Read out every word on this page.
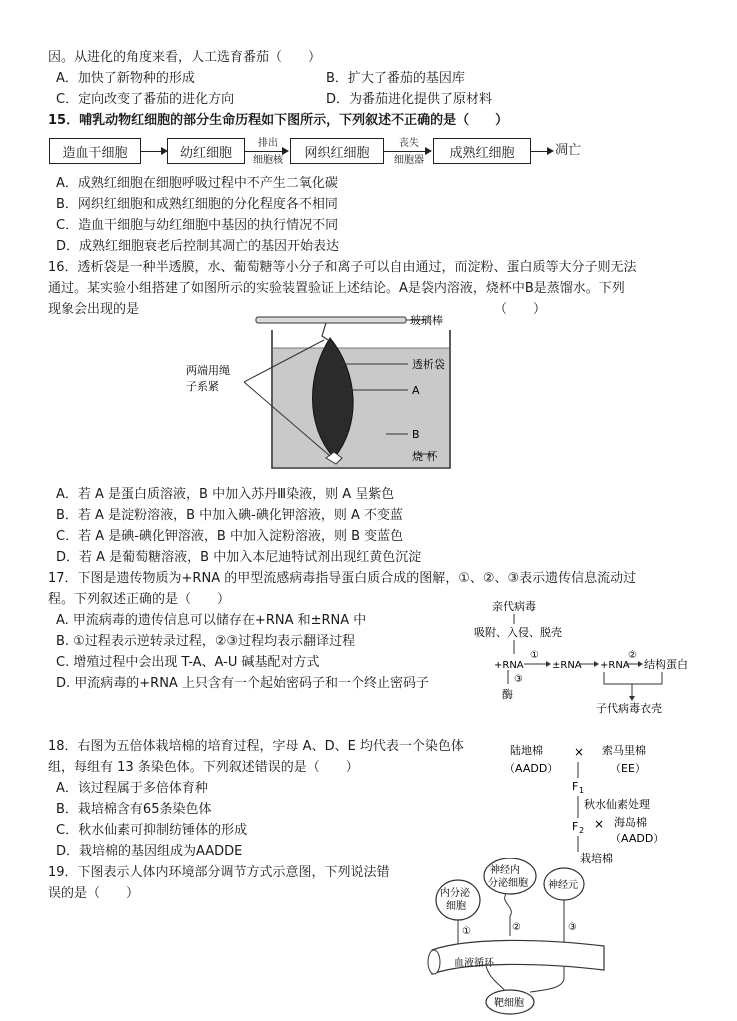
因。从进化的角度来看，人工选育番茄（　　）
A．加快了新物种的形成	B．扩大了番茄的基因库
C．定向改变了番茄的进化方向	D．为番茄进化提供了原材料
15．哺乳动物红细胞的部分生命历程如下图所示，下列叙述不正确的是（　　）
造血干细胞	幼红细胞
排出
细胞核	网织红细胞
丧失
细胞器	成熟红细胞	凋亡
A．成熟红细胞在细胞呼吸过程中不产生二氧化碳
B．网织红细胞和成熟红细胞的分化程度各不相同
C．造血干细胞与幼红细胞中基因的执行情况不同
D．成熟红细胞衰老后控制其凋亡的基因开始表达
16．透析袋是一种半透膜，水、葡萄糖等小分子和离子可以自由通过，而淀粉、蛋白质等大分子则无法
通过。某实验小组搭建了如图所示的实验装置验证上述结论。A是袋内溶液，烧杯中B是蒸馏水。下列
现象会出现的是	（　　）
玻璃棒
透析袋
A
B
烧 杯
两端用绳
子系紧
A．若 A 是蛋白质溶液，B 中加入苏丹Ⅲ染液，则 A 呈紫色
B．若 A 是淀粉溶液，B 中加入碘-碘化钾溶液，则 A 不变蓝
C．若 A 是碘-碘化钾溶液，B 中加入淀粉溶液，则 B 变蓝色
D．若 A 是葡萄糖溶液，B 中加入本尼迪特试剂出现红黄色沉淀
17．下图是遗传物质为+RNA 的甲型流感病毒指导蛋白质合成的图解，①、②、③表示遗传信息流动过
程。下列叙述正确的是（　　）
A. 甲流病毒的遗传信息可以储存在+RNA 和±RNA 中
B. ①过程表示逆转录过程，②③过程均表示翻译过程
C. 增殖过程中会出现 T-A、A-U 碱基配对方式
D. 甲流病毒的+RNA 上只含有一个起始密码子和一个终止密码子
亲代病毒
吸附、入侵、脱壳
+RNA
①
±RNA +RNA
②
结构蛋白
③
酶
子代病毒衣壳
18．右图为五倍体栽培棉的培育过程，字母 A、D、E 均代表一个染色体
组，每组有 13 条染色体。下列叙述错误的是（　　）
A．该过程属于多倍体育种
B．栽培棉含有65条染色体
C．秋水仙素可抑制纺锤体的形成
D．栽培棉的基因组成为AADDE
陆地棉
（AADD）
× 索马里棉
（EE）
F 1
秋水仙素处理
F 2 × 海岛棉
（AADD）
栽培棉
19．下图表示人体内环境部分调节方式示意图，下列说法错
误的是（　　）	内分泌
细胞
①
神经内
分泌细胞
②
神经元
③
血液循环
靶细胞
